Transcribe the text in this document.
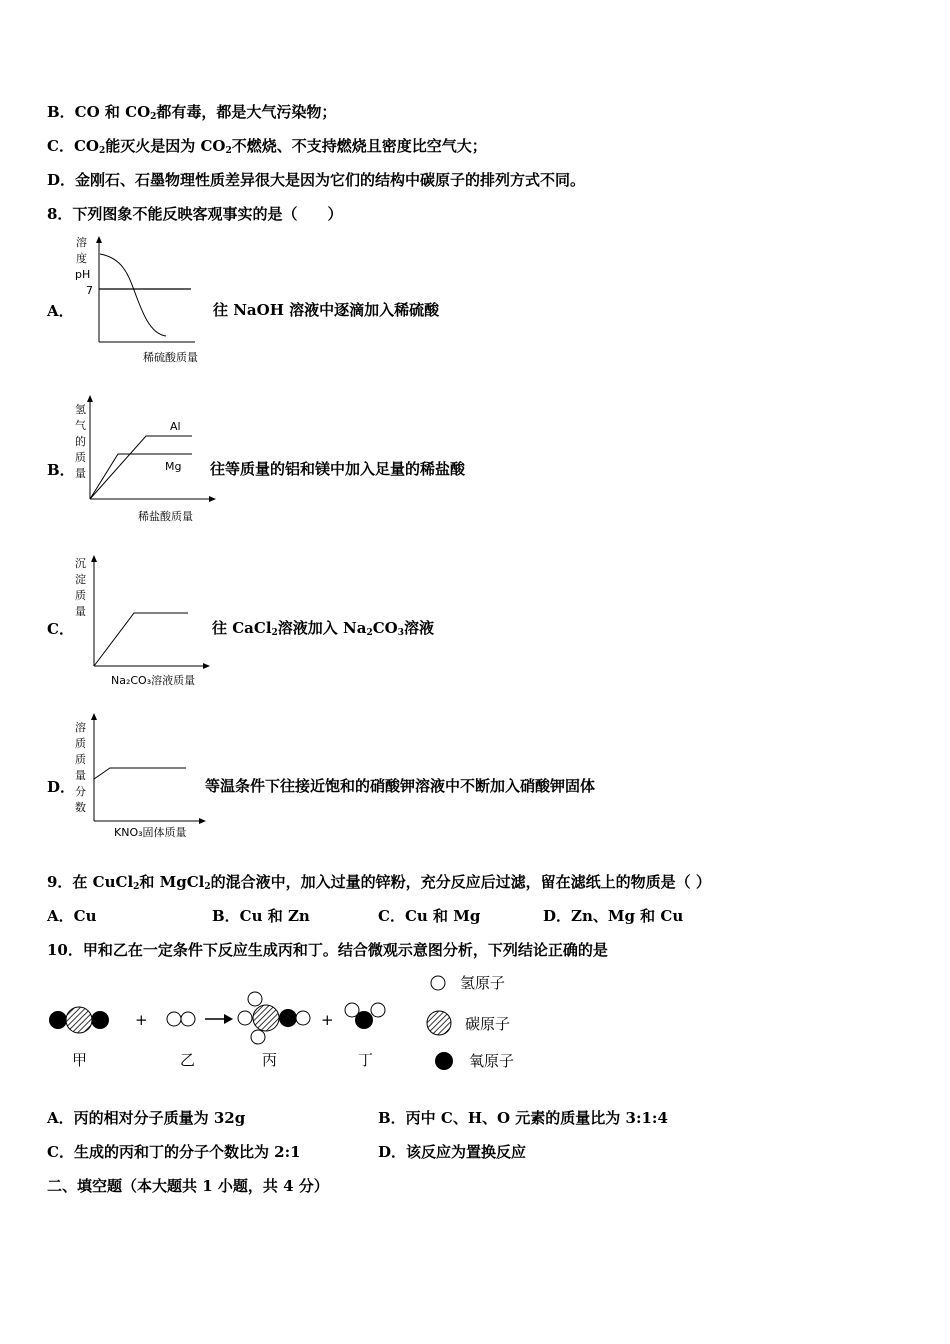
B．CO 和 $CO_2$都有毒，都是大气污染物；
C．$CO_2$能灭火是因为 $CO_2$不燃烧、不支持燃烧且密度比空气大；
D．金刚石、石墨物理性质差异很大是因为它们的结构中碳原子的排列方式不同。
8．下列图象不能反映客观事实的是（　　）
A．
溶
度
pH
7
稀硫酸质量
往 NaOH 溶液中逐滴加入稀硫酸
B．
氢
气
的
质
量
Al
Mg
稀盐酸质量
往等质量的铝和镁中加入足量的稀盐酸
C．
沉
淀
质
量
Na₂CO₃溶液质量
往 CaCl$_2$溶液加入 $Na_2CO_3$溶液
D．
溶
质
质
量
分
数
KNO₃固体质量
等温条件下往接近饱和的硝酸钾溶液中不断加入硝酸钾固体
9．在 CuCl$_2$和 MgCl$_2$的混合液中，加入过量的锌粉，充分反应后过滤，留在滤纸上的物质是（ ）
A．Cu	B．Cu 和 Zn	C．Cu 和 Mg	D．Zn、Mg 和 Cu
10．甲和乙在一定条件下反应生成丙和丁。结合微观示意图分析，下列结论正确的是
+	+
甲	乙	丙	丁
氢原子
碳原子
氧原子
A．丙的相对分子质量为 32g	B．丙中 C、H、O 元素的质量比为 3:1:4
C．生成的丙和丁的分子个数比为 2:1	D．该反应为置换反应
二、填空题（本大题共 1 小题，共 4 分）
